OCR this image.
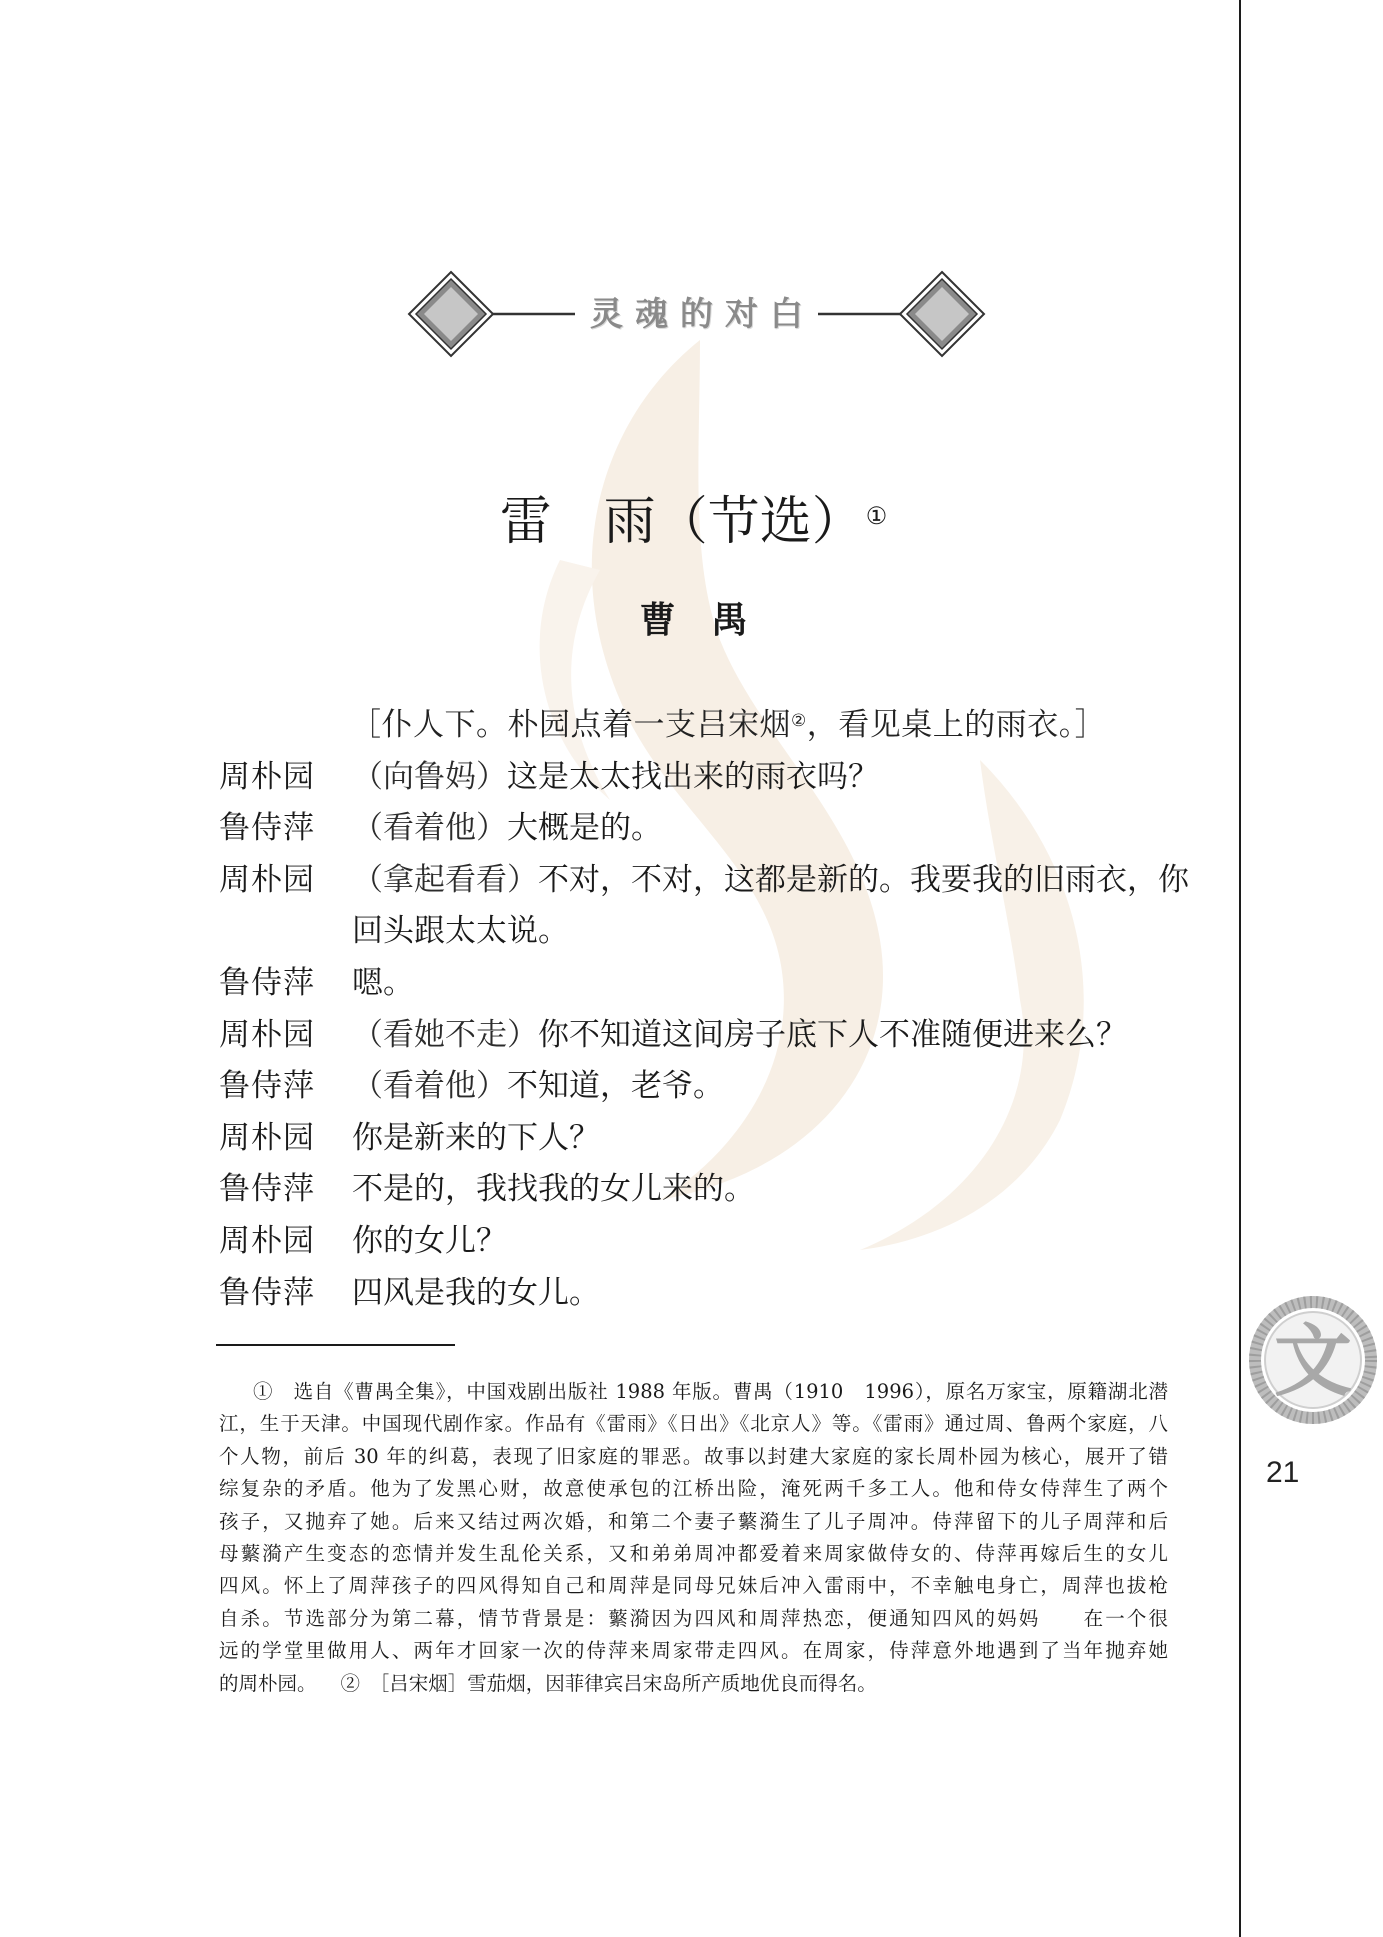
灵魂的对白
雷　雨（节选）①
曹　禺
［仆人下。朴园点着一支吕宋烟②，看见桌上的雨衣。］
周朴园	（向鲁妈）这是太太找出来的雨衣吗？
鲁侍萍	（看着他）大概是的。
周朴园	（拿起看看）不对，不对，这都是新的。我要我的旧雨衣，你
回头跟太太说。
鲁侍萍	嗯。
周朴园	（看她不走）你不知道这间房子底下人不准随便进来么？
鲁侍萍	（看着他）不知道，老爷。
周朴园	你是新来的下人？
鲁侍萍	不是的，我找我的女儿来的。
周朴园	你的女儿？
鲁侍萍	四风是我的女儿。
①　选自《曹禺全集》，中国戏剧出版社 1988 年版。曹禺（1910　1996），原名万家宝，原籍湖北潜
江，生于天津。中国现代剧作家。作品有《雷雨》《日出》《北京人》等。《雷雨》通过周、鲁两个家庭，八
个人物，前后 30 年的纠葛，表现了旧家庭的罪恶。故事以封建大家庭的家长周朴园为核心，展开了错
综复杂的矛盾。他为了发黑心财，故意使承包的江桥出险，淹死两千多工人。他和侍女侍萍生了两个
孩子，又抛弃了她。后来又结过两次婚，和第二个妻子蘩漪生了儿子周冲。侍萍留下的儿子周萍和后
母蘩漪产生变态的恋情并发生乱伦关系，又和弟弟周冲都爱着来周家做侍女的、侍萍再嫁后生的女儿
四风。怀上了周萍孩子的四风得知自己和周萍是同母兄妹后冲入雷雨中，不幸触电身亡，周萍也拔枪
自杀。节选部分为第二幕，情节背景是：蘩漪因为四风和周萍热恋，便通知四风的妈妈　　在一个很
远的学堂里做用人、两年才回家一次的侍萍来周家带走四风。在周家，侍萍意外地遇到了当年抛弃她
的周朴园。 ②　［吕宋烟］雪茄烟，因菲律宾吕宋岛所产质地优良而得名。
文
21
